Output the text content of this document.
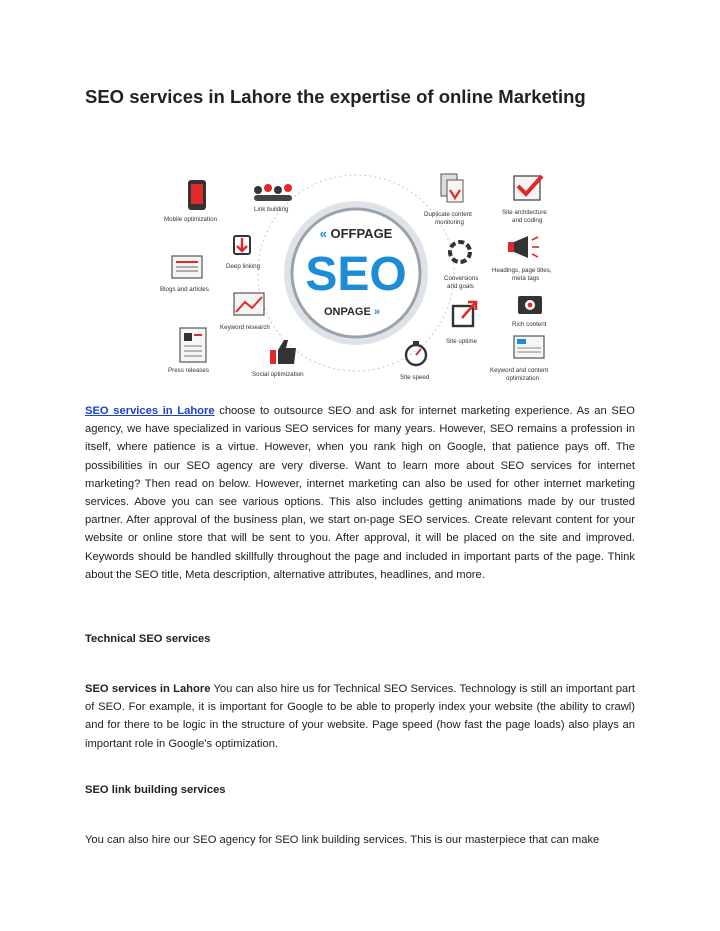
SEO services in Lahore the expertise of online Marketing
« OFFPAGE
SEO
ONPAGE »
Mobile optimization
Link building
Deep linking
Blogs and articles
Keyword research
Press releases
Social optimization	Site speed
Duplicate content
monitoring
Site architecture
and coding
Conversions
and goals
Headings, page titles,
meta tags
Site uptime
Rich content
Keyword and content
optimization

SEO services in Lahore choose to outsource SEO and ask for internet marketing experience. As an SEO agency, we have specialized in various SEO services for many years. However, SEO remains a profession in itself, where patience is a virtue. However, when you rank high on Google, that patience pays off. The possibilities in our SEO agency are very diverse. Want to learn more about SEO services for internet marketing? Then read on below. However, internet marketing can also be used for other internet marketing services. Above you can see various options. This also includes getting animations made by our trusted partner. After approval of the business plan, we start on-page SEO services. Create relevant content for your website or online store that will be sent to you. After approval, it will be placed on the site and improved. Keywords should be handled skillfully throughout the page and included in important parts of the page. Think about the SEO title, Meta description, alternative attributes, headlines, and more.

Technical SEO services

SEO services in Lahore You can also hire us for Technical SEO Services. Technology is still an important part of SEO. For example, it is important for Google to be able to properly index your website (the ability to crawl) and for there to be logic in the structure of your website. Page speed (how fast the page loads) also plays an important role in Google's optimization.

SEO link building services

You can also hire our SEO agency for SEO link building services. This is our masterpiece that can make
